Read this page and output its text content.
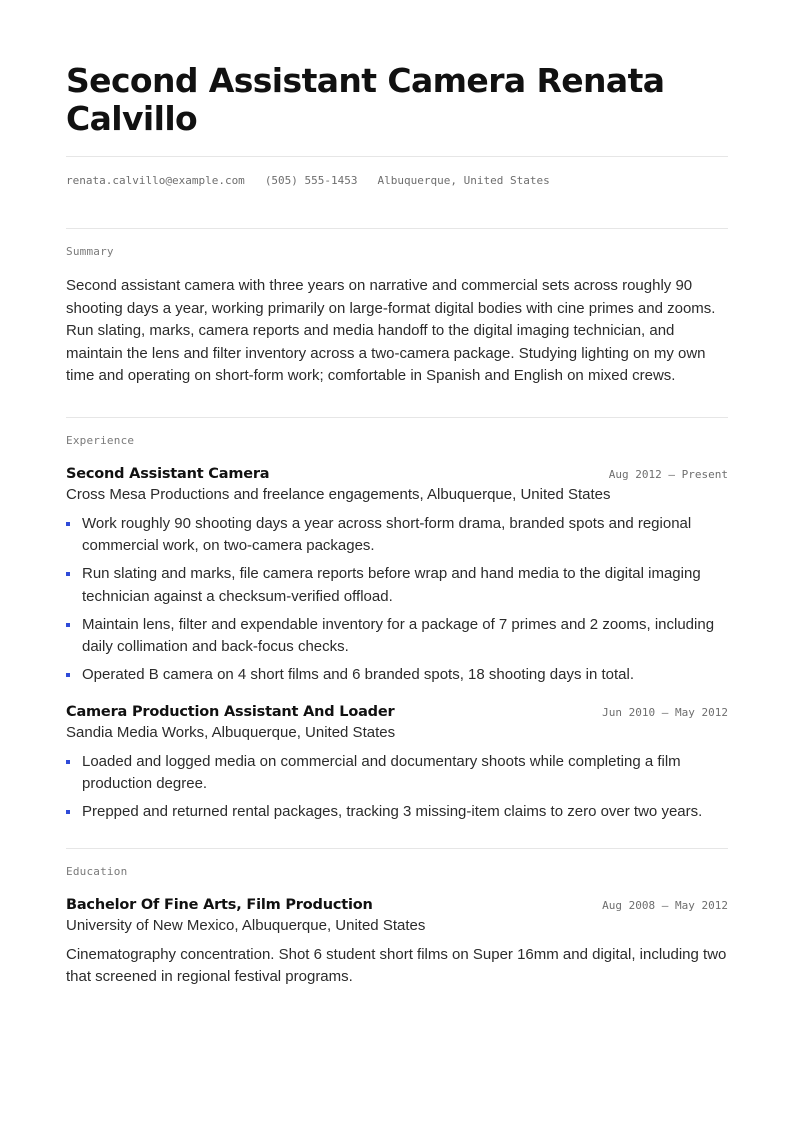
Second Assistant Camera Renata Calvillo
renata.calvillo@example.com (505) 555-1453 Albuquerque, United States
Summary

Second assistant camera with three years on narrative and commercial sets across roughly 90 shooting days a year, working primarily on large-format digital bodies with cine primes and zooms. Run slating, marks, camera reports and media handoff to the digital imaging technician, and maintain the lens and filter inventory across a two-camera package. Studying lighting on my own time and operating on short-form work; comfortable in Spanish and English on mixed crews.

Experience
Second Assistant Camera	Aug 2012 — Present
Cross Mesa Productions and freelance engagements, Albuquerque, United States
Work roughly 90 shooting days a year across short-form drama, branded spots and regional commercial work, on two-camera packages.
Run slating and marks, file camera reports before wrap and hand media to the digital imaging technician against a checksum-verified offload.
Maintain lens, filter and expendable inventory for a package of 7 primes and 2 zooms, including daily collimation and back-focus checks.
Operated B camera on 4 short films and 6 branded spots, 18 shooting days in total.
Camera Production Assistant And Loader	Jun 2010 — May 2012
Sandia Media Works, Albuquerque, United States
Loaded and logged media on commercial and documentary shoots while completing a film production degree.
Prepped and returned rental packages, tracking 3 missing-item claims to zero over two years.
Education
Bachelor Of Fine Arts, Film Production	Aug 2008 — May 2012
University of New Mexico, Albuquerque, United States

Cinematography concentration. Shot 6 student short films on Super 16mm and digital, including two that screened in regional festival programs.
